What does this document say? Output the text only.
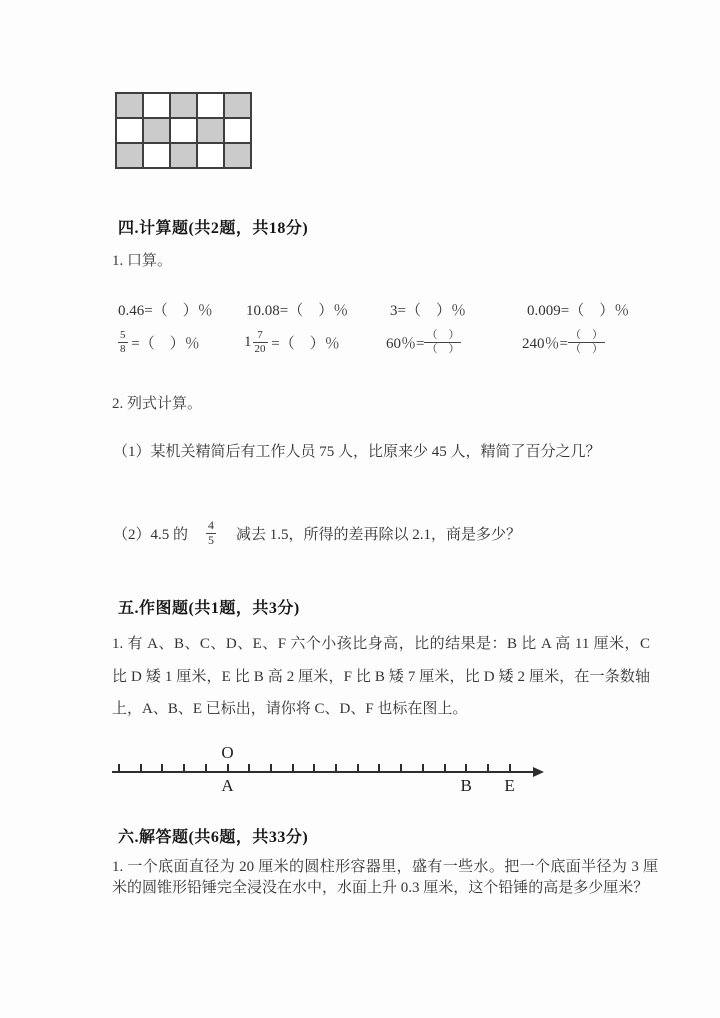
四.计算题(共2题，共18分)
1. 口算。
0.46=（　）％ 10.08=（　）％	3=（　）％	0.009=（　）％
$\frac{5}{8}$ =（　）％	$1 \frac{7}{20}$ =（　）％	60％= $\frac{( )}{( )}$	240％= $\frac{( )}{( )}$
2. 列式计算。
（1）某机关精简后有工作人员 75 人，比原来少 45 人，精简了百分之几？
（2）4.5 的 $\frac{4}{5}$ 减去 1.5，所得的差再除以 2.1，商是多少？
五.作图题(共1题，共3分)
1. 有 A、B、C、D、E、F 六个小孩比身高，比的结果是：B 比 A 高 11 厘米，C 比 D 矮 1 厘米，E 比 B 高 2 厘米，F 比 B 矮 7 厘米，比 D 矮 2 厘米，在一条数轴上，A、B、E 已标出，请你将 C、D、F 也标在图上。
O
A	B E
六.解答题(共6题，共33分)
1. 一个底面直径为 20 厘米的圆柱形容器里，盛有一些水。把一个底面半径为 3 厘米的圆锥形铅锤完全浸没在水中，水面上升 0.3 厘米，这个铅锤的高是多少厘米？
